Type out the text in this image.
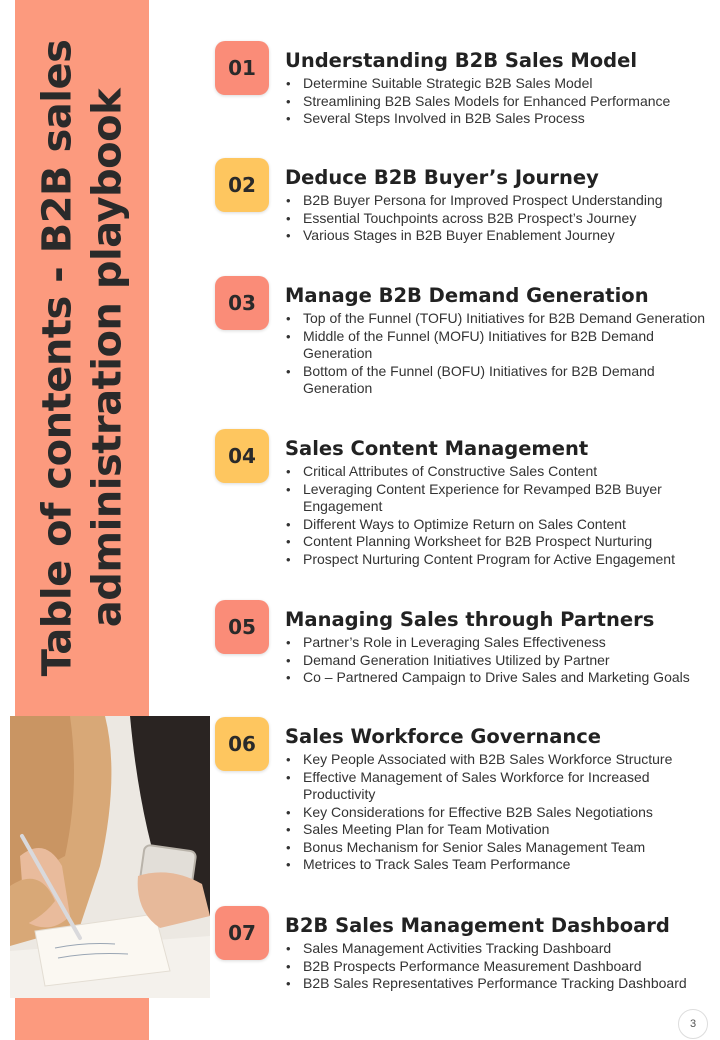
Table of contents - B2B sales administration playbook
01	Understanding B2B Sales Model
• Determine Suitable Strategic B2B Sales Model
• Streamlining B2B Sales Models for Enhanced Performance
• Several Steps Involved in B2B Sales Process
02	Deduce B2B Buyer’s Journey
• B2B Buyer Persona for Improved Prospect Understanding
• Essential Touchpoints across B2B Prospect’s Journey
• Various Stages in B2B Buyer Enablement Journey
03	Manage B2B Demand Generation
• Top of the Funnel (TOFU) Initiatives for B2B Demand Generation
• Middle of the Funnel (MOFU) Initiatives for B2B Demand Generation
• Bottom of the Funnel (BOFU) Initiatives for B2B Demand Generation
04	Sales Content Management
• Critical Attributes of Constructive Sales Content
• Leveraging Content Experience for Revamped B2B Buyer Engagement
• Different Ways to Optimize Return on Sales Content
• Content Planning Worksheet for B2B Prospect Nurturing
• Prospect Nurturing Content Program for Active Engagement
05	Managing Sales through Partners
• Partner’s Role in Leveraging Sales Effectiveness
• Demand Generation Initiatives Utilized by Partner
• Co – Partnered Campaign to Drive Sales and Marketing Goals
06	Sales Workforce Governance
• Key People Associated with B2B Sales Workforce Structure
• Effective Management of Sales Workforce for Increased Productivity
• Key Considerations for Effective B2B Sales Negotiations
• Sales Meeting Plan for Team Motivation
• Bonus Mechanism for Senior Sales Management Team
• Metrices to Track Sales Team Performance
07	B2B Sales Management Dashboard
• Sales Management Activities Tracking Dashboard
• B2B Prospects Performance Measurement Dashboard
• B2B Sales Representatives Performance Tracking Dashboard
3
